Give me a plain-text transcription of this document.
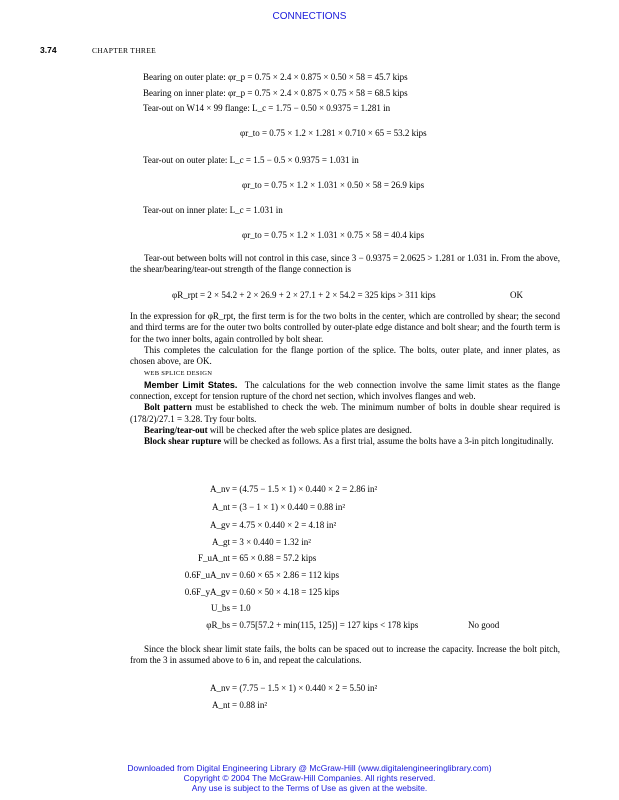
CONNECTIONS
3.74	CHAPTER THREE
Bearing on outer plate: φr_p = 0.75 × 2.4 × 0.875 × 0.50 × 58 = 45.7 kips
Bearing on inner plate: φr_p = 0.75 × 2.4 × 0.875 × 0.75 × 58 = 68.5 kips
Tear-out on W14 × 99 flange: L_c = 1.75 − 0.50 × 0.9375 = 1.281 in
φr_to = 0.75 × 1.2 × 1.281 × 0.710 × 65 = 53.2 kips
Tear-out on outer plate: L_c = 1.5 − 0.5 × 0.9375 = 1.031 in
φr_to = 0.75 × 1.2 × 1.031 × 0.50 × 58 = 26.9 kips
Tear-out on inner plate: L_c = 1.031 in
φr_to = 0.75 × 1.2 × 1.031 × 0.75 × 58 = 40.4 kips

Tear-out between bolts will not control in this case, since 3 − 0.9375 = 2.0625 > 1.281 or 1.031 in. From the above, the shear/bearing/tear-out strength of the flange connection is

φR_rpt = 2 × 54.2 + 2 × 26.9 + 2 × 27.1 + 2 × 54.2 = 325 kips > 311 kips	OK

In the expression for φR_rpt, the first term is for the two bolts in the center, which are controlled by shear; the second and third terms are for the outer two bolts controlled by outer-plate edge distance and bolt shear; and the fourth term is for the two inner bolts, again controlled by bolt shear.

This completes the calculation for the flange portion of the splice. The bolts, outer plate, and inner plates, as chosen above, are OK.

WEB SPLICE DESIGN

Member Limit States. The calculations for the web connection involve the same limit states as the flange connection, except for tension rupture of the chord net section, which involves flanges and web.

Bolt pattern must be established to check the web. The minimum number of bolts in double shear required is (178/2)/27.1 = 3.28. Try four bolts.

Bearing/tear-out will be checked after the web splice plates are designed.

Block shear rupture will be checked as follows. As a first trial, assume the bolts have a 3-in pitch longitudinally.

A_nv = (4.75 − 1.5 × 1) × 0.440 × 2 = 2.86 in²
A_nt = (3 − 1 × 1) × 0.440 = 0.88 in²
A_gv = 4.75 × 0.440 × 2 = 4.18 in²
A_gt = 3 × 0.440 = 1.32 in²
F_uA_nt = 65 × 0.88 = 57.2 kips
0.6F_uA_nv = 0.60 × 65 × 2.86 = 112 kips
0.6F_yA_gv = 0.60 × 50 × 4.18 = 125 kips
U_bs = 1.0
φR_bs = 0.75[57.2 + min(115, 125)] = 127 kips < 178 kips	No good

Since the block shear limit state fails, the bolts can be spaced out to increase the capacity. Increase the bolt pitch, from the 3 in assumed above to 6 in, and repeat the calculations.

A_nv = (7.75 − 1.5 × 1) × 0.440 × 2 = 5.50 in²
A_nt = 0.88 in²
Downloaded from Digital Engineering Library @ McGraw-Hill (www.digitalengineeringlibrary.com)
Copyright © 2004 The McGraw-Hill Companies. All rights reserved.
Any use is subject to the Terms of Use as given at the website.
